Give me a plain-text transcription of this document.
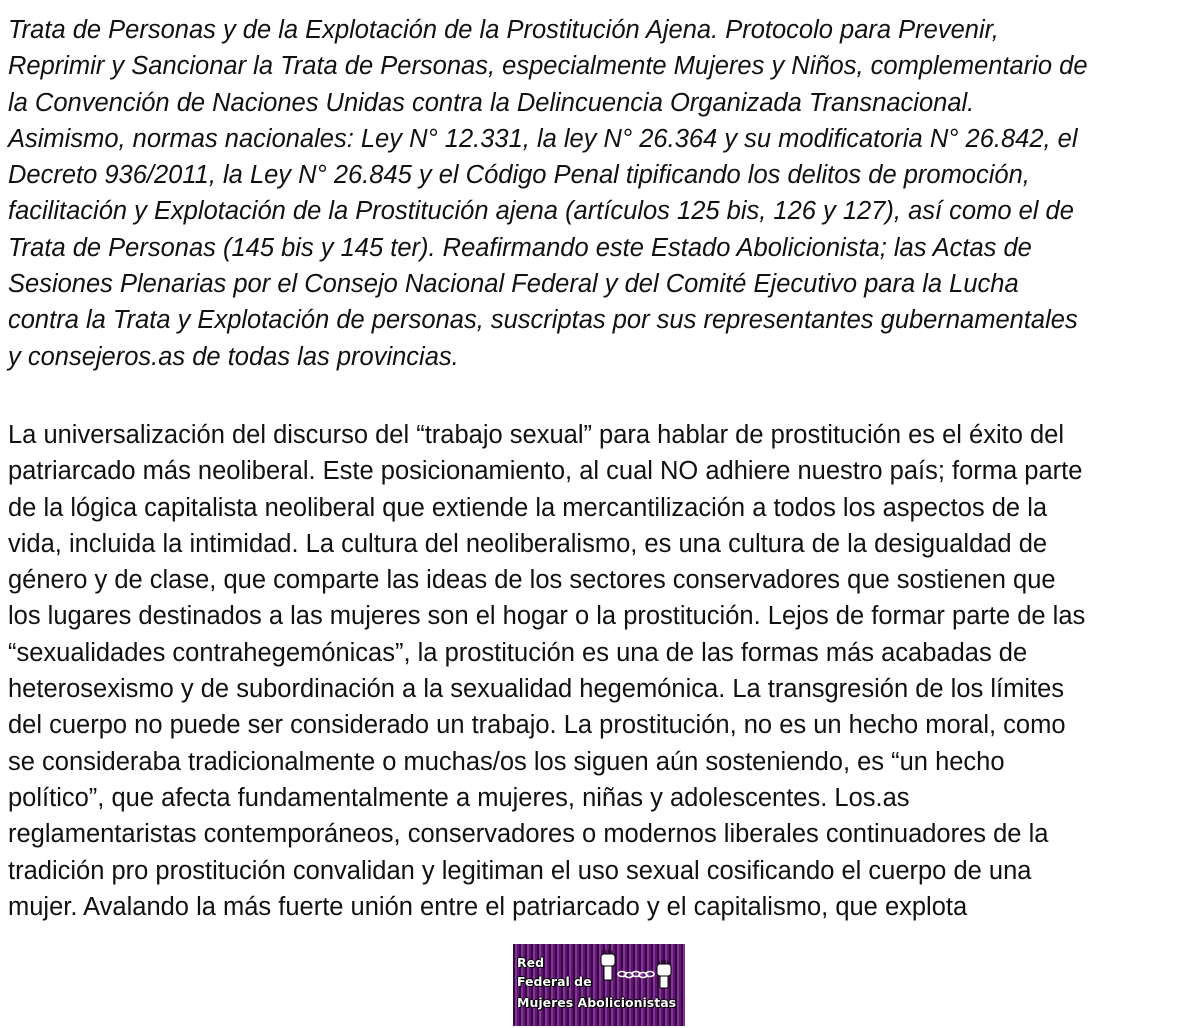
Trata de Personas y de la Explotación de la Prostitución Ajena. Protocolo para Prevenir,
Reprimir y Sancionar la Trata de Personas, especialmente Mujeres y Niños, complementario de
la Convención de Naciones Unidas contra la Delincuencia Organizada Transnacional.
Asimismo, normas nacionales: Ley N° 12.331, la ley N° 26.364 y su modificatoria N° 26.842, el
Decreto 936/2011, la Ley N° 26.845 y el Código Penal tipificando los delitos de promoción,
facilitación y Explotación de la Prostitución ajena (artículos 125 bis, 126 y 127), así como el de
Trata de Personas (145 bis y 145 ter). Reafirmando este Estado Abolicionista; las Actas de
Sesiones Plenarias por el Consejo Nacional Federal y del Comité Ejecutivo para la Lucha
contra la Trata y Explotación de personas, suscriptas por sus representantes gubernamentales
y consejeros.as de todas las provincias.
La universalización del discurso del “trabajo sexual” para hablar de prostitución es el éxito del
patriarcado más neoliberal. Este posicionamiento, al cual NO adhiere nuestro país; forma parte
de la lógica capitalista neoliberal que extiende la mercantilización a todos los aspectos de la
vida, incluida la intimidad. La cultura del neoliberalismo, es una cultura de la desigualdad de
género y de clase, que comparte las ideas de los sectores conservadores que sostienen que
los lugares destinados a las mujeres son el hogar o la prostitución. Lejos de formar parte de las
“sexualidades contrahegemónicas”, la prostitución es una de las formas más acabadas de
heterosexismo y de subordinación a la sexualidad hegemónica. La transgresión de los límites
del cuerpo no puede ser considerado un trabajo. La prostitución, no es un hecho moral, como
se consideraba tradicionalmente o muchas/os los siguen aún sosteniendo, es “un hecho
político”, que afecta fundamentalmente a mujeres, niñas y adolescentes. Los.as
reglamentaristas contemporáneos, conservadores o modernos liberales continuadores de la
tradición pro prostitución convalidan y legitiman el uso sexual cosificando el cuerpo de una
mujer. Avalando la más fuerte unión entre el patriarcado y el capitalismo, que explota
Red
Federal de
Mujeres Abolicionistas
